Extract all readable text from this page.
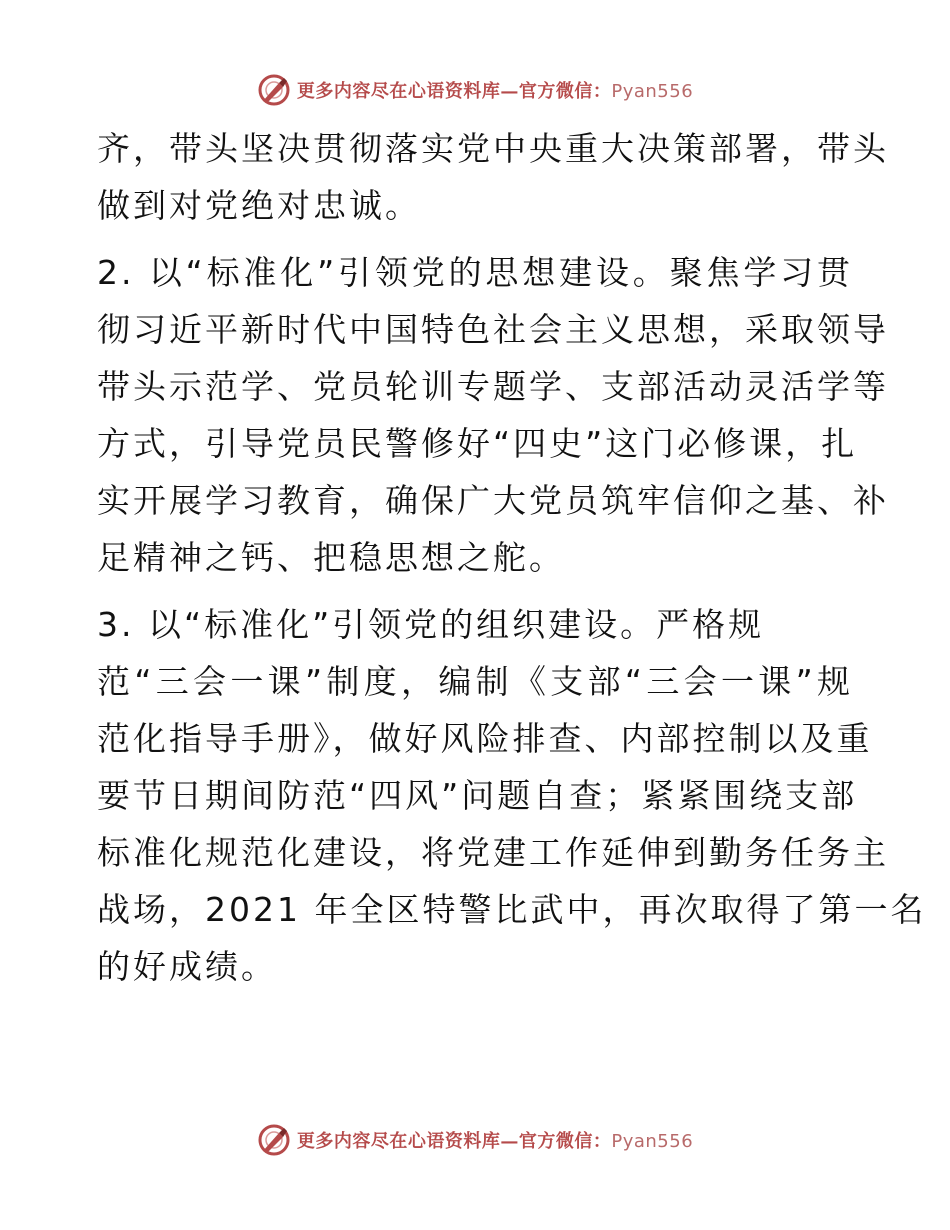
更多内容尽在心语资料库—官方微信：Pyan556
齐，带头坚决贯彻落实党中央重大决策部署，带头
做到对党绝对忠诚。
2. 以“标准化”引领党的思想建设。聚焦学习贯
彻习近平新时代中国特色社会主义思想，采取领导
带头示范学、党员轮训专题学、支部活动灵活学等
方式，引导党员民警修好“四史”这门必修课，扎
实开展学习教育，确保广大党员筑牢信仰之基、补
足精神之钙、把稳思想之舵。
3. 以“标准化”引领党的组织建设。严格规
范“三会一课”制度，编制《支部“三会一课”规
范化指导手册》，做好风险排查、内部控制以及重
要节日期间防范“四风”问题自查；紧紧围绕支部
标准化规范化建设，将党建工作延伸到勤务任务主
战场，2021 年全区特警比武中，再次取得了第一名
的好成绩。
更多内容尽在心语资料库—官方微信：Pyan556
